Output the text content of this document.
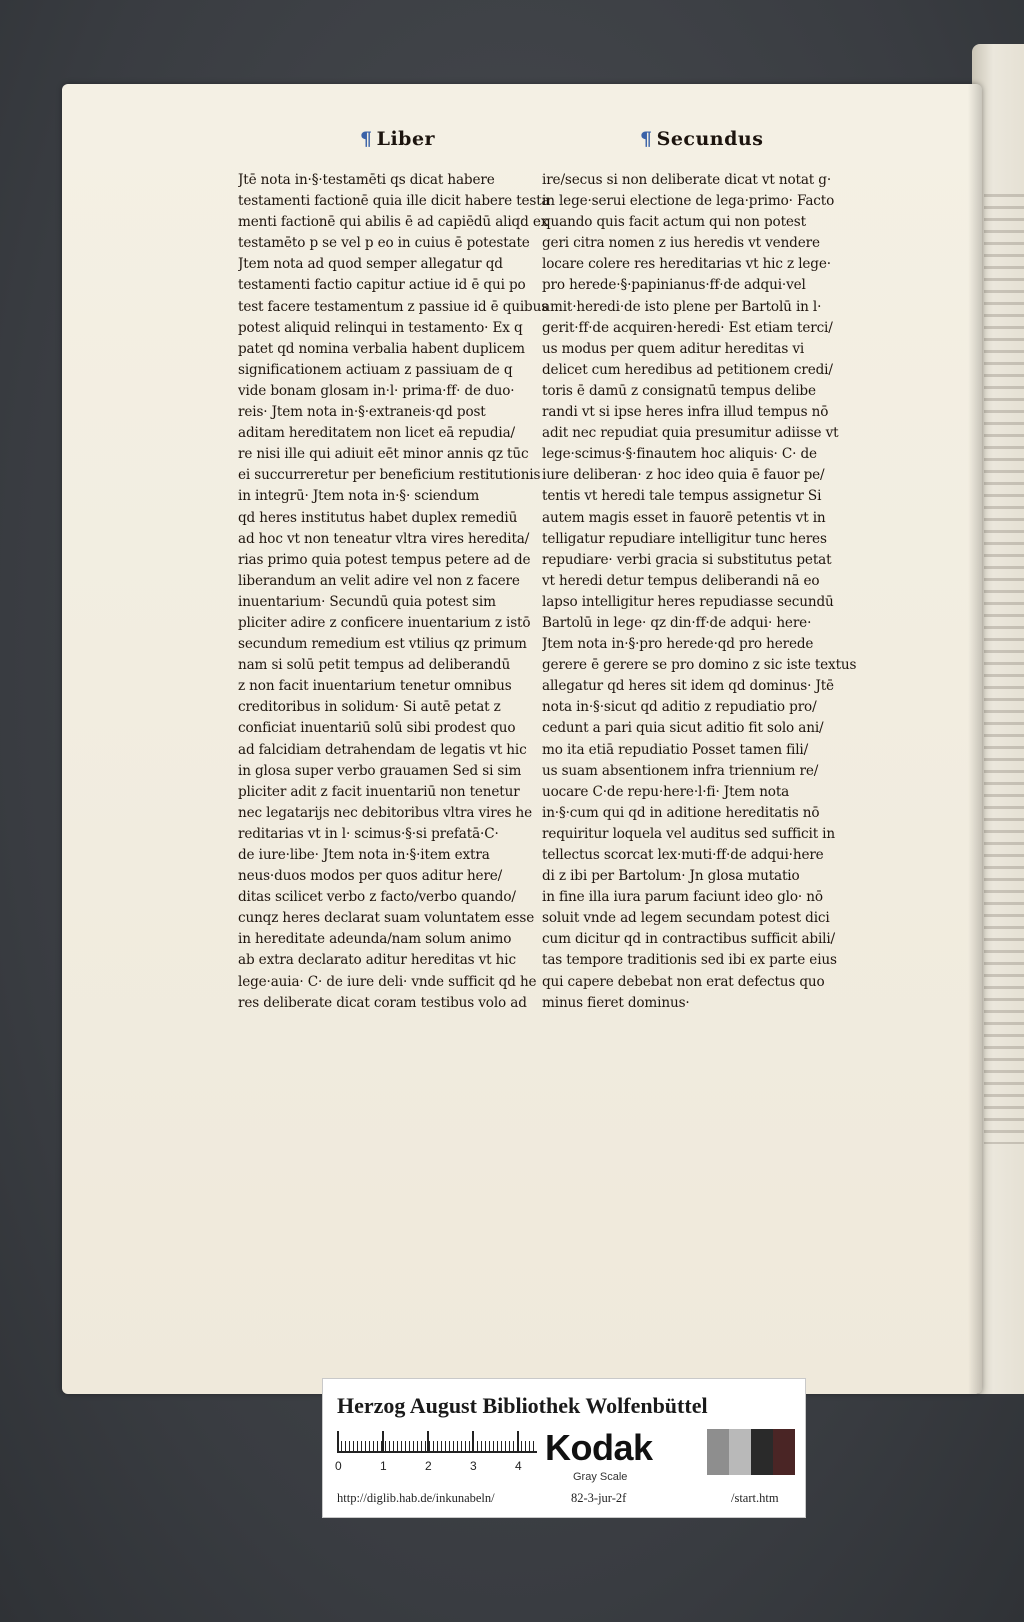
¶ Liber	¶ Secundus
Jtē nota in·§·testamēti qs dicat habere
testamenti factionē quia ille dicit habere testa
menti factionē qui abilis ē ad capiēdū aliqd ex
testamēto p se vel p eo in cuius ē potestate
Jtem nota ad quod semper allegatur qd
testamenti factio capitur actiue id ē qui po
test facere testamentum z passiue id ē quibus
potest aliquid relinqui in testamento· Ex q
patet qd nomina verbalia habent duplicem
significationem actiuam z passiuam de q
vide bonam glosam in·l· prima·ff· de duo·
reis· Jtem nota in·§·extraneis·qd post
aditam hereditatem non licet eā repudia/
re nisi ille qui adiuit eēt minor annis qz tūc
ei succurreretur per beneficium restitutionis
in integrū· Jtem nota in·§· sciendum
qd heres institutus habet duplex remediū
ad hoc vt non teneatur vltra vires heredita/
rias primo quia potest tempus petere ad de
liberandum an velit adire vel non z facere
inuentarium· Secundū quia potest sim
pliciter adire z conficere inuentarium z istō
secundum remedium est vtilius qz primum
nam si solū petit tempus ad deliberandū
z non facit inuentarium tenetur omnibus
creditoribus in solidum· Si autē petat z
conficiat inuentariū solū sibi prodest quo
ad falcidiam detrahendam de legatis vt hic
in glosa super verbo grauamen Sed si sim
pliciter adit z facit inuentariū non tenetur
nec legatarijs nec debitoribus vltra vires he
reditarias vt in l· scimus·§·si prefatā·C·
de iure·libe· Jtem nota in·§·item extra
neus·duos modos per quos aditur here/
ditas scilicet verbo z facto/verbo quando/
cunqz heres declarat suam voluntatem esse
in hereditate adeunda/nam solum animo
ab extra declarato aditur hereditas vt hic
lege·auia· C· de iure deli· vnde sufficit qd he
res deliberate dicat coram testibus volo ad
ire/secus si non deliberate dicat vt notat g·
in lege·serui electione de lega·primo· Facto
quando quis facit actum qui non potest
geri citra nomen z ius heredis vt vendere
locare colere res hereditarias vt hic z lege·
pro herede·§·papinianus·ff·de adqui·vel
amit·heredi·de isto plene per Bartolū in l·
gerit·ff·de acquiren·heredi· Est etiam terci/
us modus per quem aditur hereditas vi
delicet cum heredibus ad petitionem credi/
toris ē damū z consignatū tempus delibe
randi vt si ipse heres infra illud tempus nō
adit nec repudiat quia presumitur adiisse vt
lege·scimus·§·finautem hoc aliquis· C· de
iure deliberan· z hoc ideo quia ē fauor pe/
tentis vt heredi tale tempus assignetur Si
autem magis esset in fauorē petentis vt in
telligatur repudiare intelligitur tunc heres
repudiare· verbi gracia si substitutus petat
vt heredi detur tempus deliberandi nā eo
lapso intelligitur heres repudiasse secundū
Bartolū in lege· qz din·ff·de adqui· here·
Jtem nota in·§·pro herede·qd pro herede
gerere ē gerere se pro domino z sic iste textus
allegatur qd heres sit idem qd dominus· Jtē
nota in·§·sicut qd aditio z repudiatio pro/
cedunt a pari quia sicut aditio fit solo ani/
mo ita etiā repudiatio Posset tamen fili/
us suam absentionem infra triennium re/
uocare C·de repu·here·l·fi· Jtem nota
in·§·cum qui qd in aditione hereditatis nō
requiritur loquela vel auditus sed sufficit in
tellectus scorcat lex·muti·ff·de adqui·here
di z ibi per Bartolum· Jn glosa mutatio
in fine illa iura parum faciunt ideo glo· nō
soluit vnde ad legem secundam potest dici
cum dicitur qd in contractibus sufficit abili/
tas tempore traditionis sed ibi ex parte eius
qui capere debebat non erat defectus quo
minus fieret dominus·
Herzog August Bibliothek Wolfenbüttel
0	1	2	3	4 Kodak
Gray Scale
http://diglib.hab.de/inkunabeln/	82-3-jur-2f	/start.htm
